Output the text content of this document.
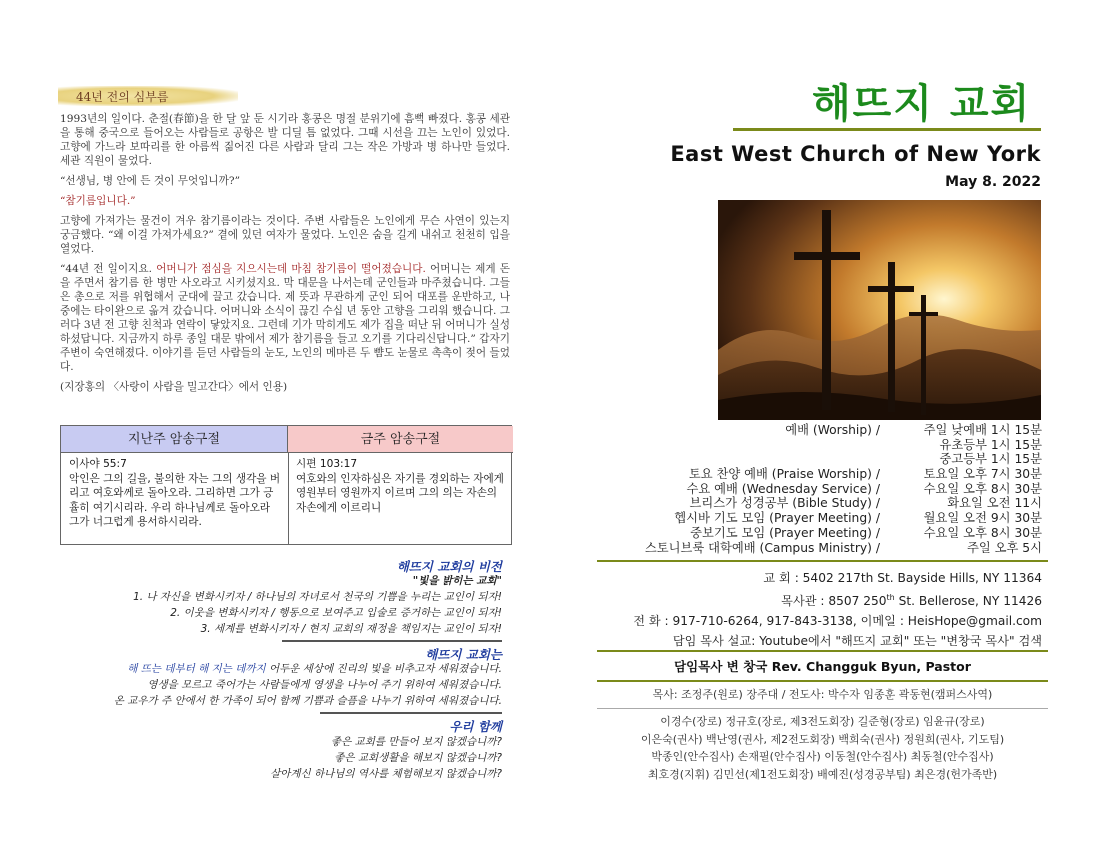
44년 전의 심부름

1993년의 일이다. 춘절(春節)을 한 달 앞 둔 시기라 홍콩은 명절 분위기에 흠뻑 빠졌다. 홍콩 세관을 통해 중국으로 들어오는 사람들로 공항은 발 디딜 틈 없었다. 그때 시선을 끄는 노인이 있었다. 고향에 가느라 보따리를 한 아름씩 짊어진 다른 사람과 달리 그는 작은 가방과 병 하나만 들었다. 세관 직원이 물었다.

“선생님, 병 안에 든 것이 무엇입니까?”

“참기름입니다.”

고향에 가져가는 물건이 겨우 참기름이라는 것이다. 주변 사람들은 노인에게 무슨 사연이 있는지 궁금했다. “왜 이걸 가져가세요?” 곁에 있던 여자가 물었다. 노인은 숨을 길게 내쉬고 천천히 입을 열었다.

“44년 전 일이지요. 어머니가 점심을 지으시는데 마침 참기름이 떨어졌습니다. 어머니는 제게 돈을 주면서 참기름 한 병만 사오라고 시키셨지요. 막 대문을 나서는데 군인들과 마주쳤습니다. 그들은 총으로 저를 위협해서 군대에 끌고 갔습니다. 제 뜻과 무관하게 군인 되어 대포를 운반하고, 나중에는 타이완으로 옮겨 갔습니다. 어머니와 소식이 끊긴 수십 년 동안 고향을 그리워 했습니다. 그러다 3년 전 고향 친척과 연락이 닿았지요. 그런데 기가 막히게도 제가 집을 떠난 뒤 어머니가 실성하셨답니다. 지금까지 하루 종일 대문 밖에서 제가 참기름을 들고 오기를 기다리신답니다.” 갑자기 주변이 숙연해졌다. 이야기를 듣던 사람들의 눈도, 노인의 메마른 두 뺨도 눈물로 촉촉이 젖어 들었다.

(지장홍의 〈사랑이 사람을 밀고간다〉에서 인용)

지난주 암송구절	금주 암송구절
이사야 55:7
악인은 그의 길을, 불의한 자는 그의 생각을 버리고 여호와께로 돌아오라. 그리하면 그가 긍휼히 여기시리라. 우리 하나님께로 돌아오라 그가 너그럽게 용서하시리라.
시편 103:17
여호와의 인자하심은 자기를 경외하는 자에게 영원부터 영원까지 이르며 그의 의는 자손의 자손에게 이르리니
해뜨지 교회의 비전
"빛을 밝히는 교회"
1. 나 자신을 변화시키자 / 하나님의 자녀로서 천국의 기쁨을 누리는 교인이 되자!
2. 이웃을 변화시키자 / 행동으로 보여주고 입술로 증거하는 교인이 되자!
3. 세계를 변화시키자 / 현지 교회의 재정을 책임지는 교인이 되자!
해뜨지 교회는
해 뜨는 데부터 해 지는 데까지 어두운 세상에 진리의 빛을 비추고자 세워졌습니다.
영생을 모르고 죽어가는 사람들에게 영생을 나누어 주기 위하여 세워졌습니다.
온 교우가 주 안에서 한 가족이 되어 함께 기쁨과 슬픔을 나누기 위하여 세워졌습니다.
우리 함께
좋은 교회를 만들어 보지 않겠습니까?
좋은 교회생활을 해보지 않겠습니까?
살아계신 하나님의 역사를 체험해보지 않겠습니까?
해뜨지 교회
East West Church of New York
May 8. 2022
예배 (Worship) /	주일 낮예배 1시 15분
유초등부 1시 15분
중고등부 1시 15분
토요 찬양 예배 (Praise Worship) /	토요일 오후 7시 30분
수요 예배 (Wednesday Service) /	수요일 오후 8시 30분
브리스가 성경공부 (Bible Study) /	화요일 오전 11시
헵시바 기도 모임 (Prayer Meeting) /	월요일 오전 9시 30분
중보기도 모임 (Prayer Meeting) /	수요일 오후 8시 30분
스토니브룩 대학예배 (Campus Ministry) /	주일 오후 5시
교 회 : 5402 217th St. Bayside Hills, NY 11364
목사관 : 8507 250th St. Bellerose, NY 11426
전 화 : 917-710-6264, 917-843-3138, 이메일 : HeisHope@gmail.com
담임 목사 설교: Youtube에서 "해뜨지 교회" 또는 "변창국 목사" 검색
담임목사 변 창국 Rev. Changguk Byun, Pastor
목사: 조정주(원로) 장주대 / 전도사: 박수자 임종훈 곽동현(캠퍼스사역)
이경수(장로) 정규호(장로, 제3전도회장) 길준형(장로) 임윤규(장로)
이은숙(권사) 백난영(권사, 제2전도회장) 백희숙(권사) 정원희(권사, 기도팀)
박종인(안수집사) 손재필(안수집사) 이동철(안수집사) 최동철(안수집사)
최호경(지휘) 김민선(제1전도회장) 배예진(성경공부팀) 최은경(헌가족반)
